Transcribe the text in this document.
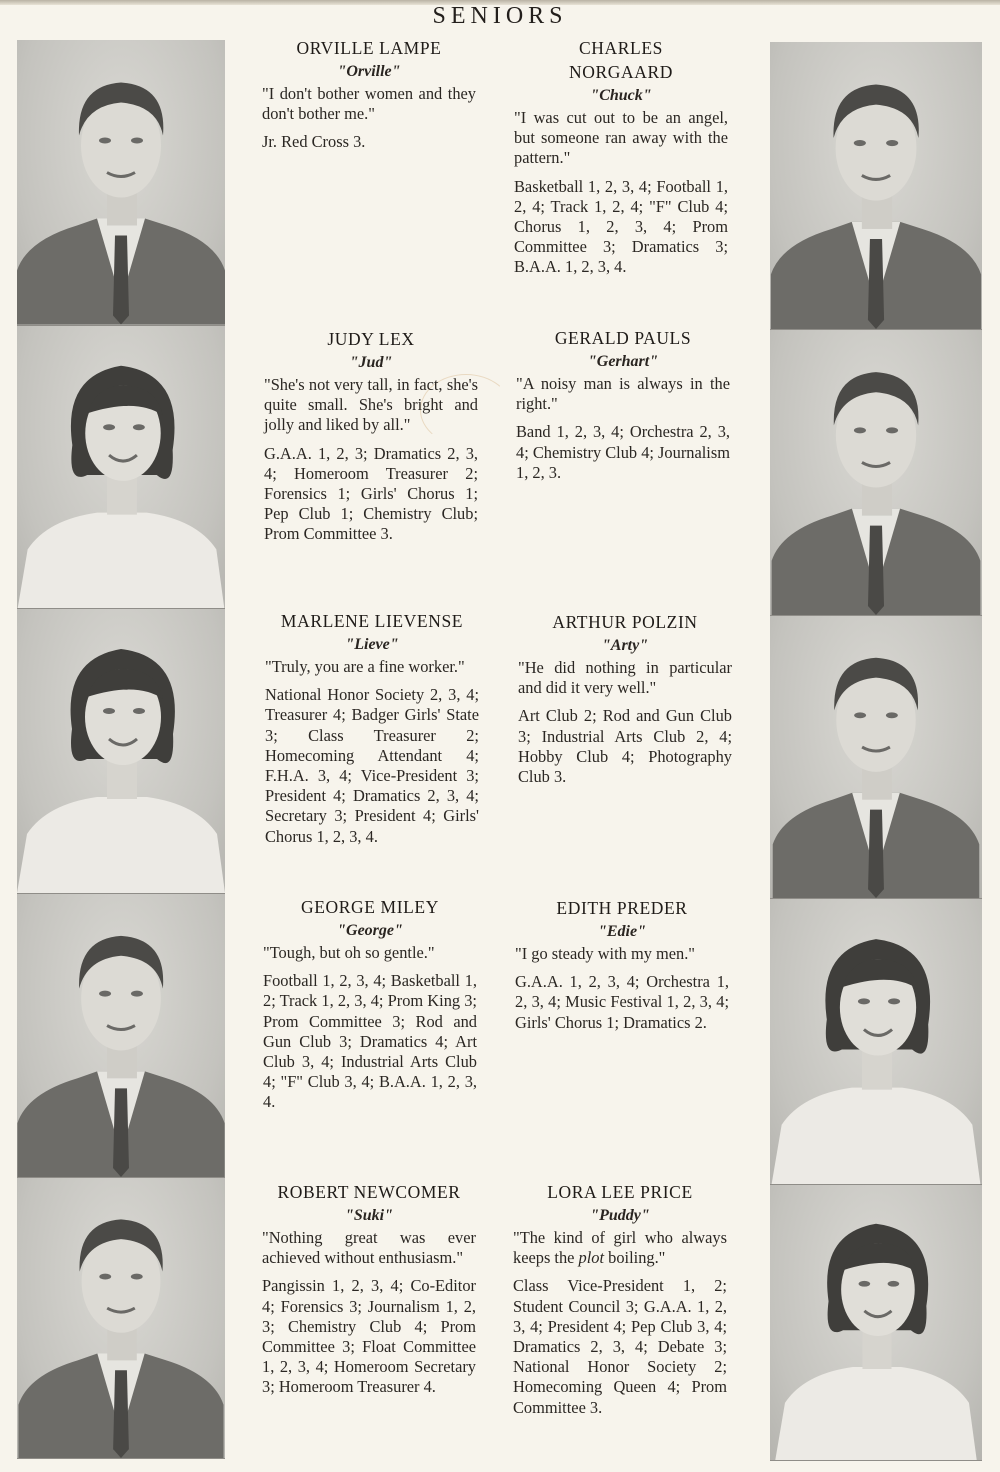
SENIORS
ORVILLE LAMPE
"Orville"
"I don't bother women and they don't bother me."
Jr. Red Cross 3.
JUDY LEX
"Jud"
"She's not very tall, in fact, she's quite small. She's bright and jolly and liked by all."
G.A.A. 1, 2, 3; Dramatics 2, 3, 4; Homeroom Treasurer 2; Forensics 1; Girls' Chorus 1; Pep Club 1; Chemistry Club; Prom Committee 3.
MARLENE LIEVENSE
"Lieve"
"Truly, you are a fine worker."
National Honor Society 2, 3, 4; Treasurer 4; Badger Girls' State 3; Class Treasurer 2; Homecoming Attendant 4; F.H.A. 3, 4; Vice-President 3; President 4; Dramatics 2, 3, 4; Secretary 3; President 4; Girls' Chorus 1, 2, 3, 4.
GEORGE MILEY
"George"
"Tough, but oh so gentle."
Football 1, 2, 3, 4; Basketball 1, 2; Track 1, 2, 3, 4; Prom King 3; Prom Committee 3; Rod and Gun Club 3; Dramatics 4; Art Club 3, 4; Industrial Arts Club 4; "F" Club 3, 4; B.A.A. 1, 2, 3, 4.
ROBERT NEWCOMER
"Suki"
"Nothing great was ever achieved without enthusiasm."
Pangissin 1, 2, 3, 4; Co-Editor 4; Forensics 3; Journalism 1, 2, 3; Chemistry Club 4; Prom Committee 3; Float Committee 1, 2, 3, 4; Homeroom Secretary 3; Homeroom Treasurer 4.
CHARLES NORGAARD
"Chuck"
"I was cut out to be an angel, but someone ran away with the pattern."
Basketball 1, 2, 3, 4; Football 1, 2, 4; Track 1, 2, 4; "F" Club 4; Chorus 1, 2, 3, 4; Prom Committee 3; Dramatics 3; B.A.A. 1, 2, 3, 4.
GERALD PAULS
"Gerhart"
"A noisy man is always in the right."
Band 1, 2, 3, 4; Orchestra 2, 3, 4; Chemistry Club 4; Journalism 1, 2, 3.
ARTHUR POLZIN
"Arty"
"He did nothing in particular and did it very well."
Art Club 2; Rod and Gun Club 3; Industrial Arts Club 2, 4; Hobby Club 4; Photography Club 3.
EDITH PREDER
"Edie"
"I go steady with my men."
G.A.A. 1, 2, 3, 4; Orchestra 1, 2, 3, 4; Music Festival 1, 2, 3, 4; Girls' Chorus 1; Dramatics 2.
LORA LEE PRICE
"Puddy"
"The kind of girl who always keeps the plot boiling."
Class Vice-President 1, 2; Student Council 3; G.A.A. 1, 2, 3, 4; President 4; Pep Club 3, 4; Dramatics 2, 3, 4; Debate 3; National Honor Society 2; Homecoming Queen 4; Prom Committee 3.
